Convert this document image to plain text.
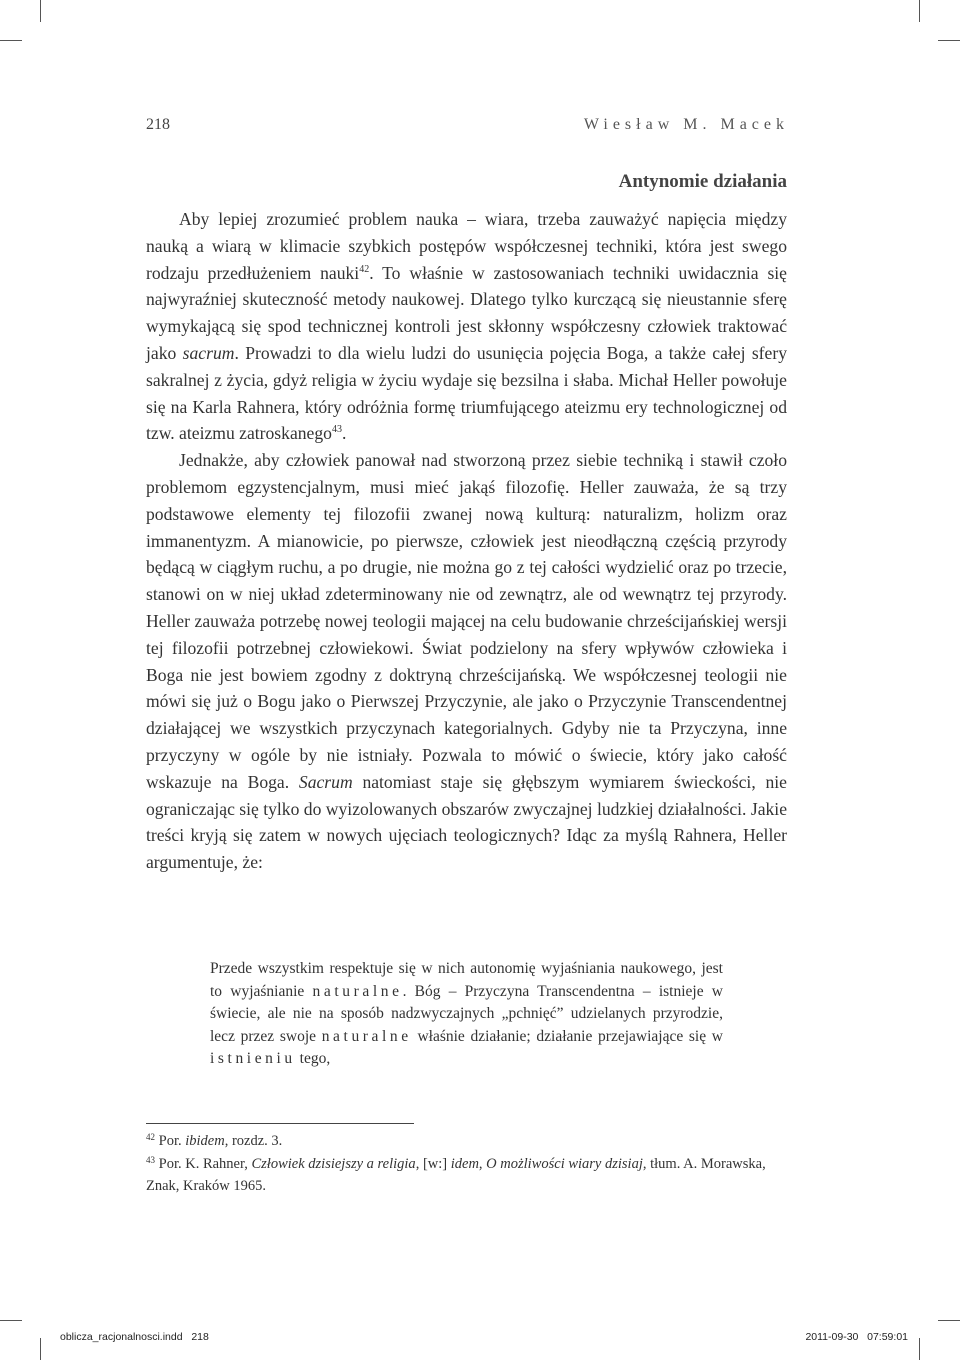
218	Wiesław M. Macek
Antynomie działania

Aby lepiej zrozumieć problem nauka – wiara, trzeba zauważyć napięcia między nauką a wiarą w klimacie szybkich postępów współczesnej techniki, która jest swego rodzaju przedłużeniem nauki$^{42}$. To właśnie w zastosowaniach techniki uwidacznia się najwyraźniej skuteczność metody naukowej. Dlatego tylko kurczącą się nieustannie sferę wymykającą się spod technicznej kontroli jest skłonny współczesny człowiek traktować jako sacrum. Prowadzi to dla wielu ludzi do usunięcia pojęcia Boga, a także całej sfery sakralnej z życia, gdyż religia w życiu wydaje się bezsilna i słaba. Michał Heller powołuje się na Karla Rahnera, który odróżnia formę triumfującego ateizmu ery technologicznej od tzw. ateizmu zatroskanego$^{43}$.

Jednakże, aby człowiek panował nad stworzoną przez siebie techniką i stawił czoło problemom egzystencjalnym, musi mieć jakąś filozofię. Heller zauważa, że są trzy podstawowe elementy tej filozofii zwanej nową kulturą: naturalizm, holizm oraz immanentyzm. A mianowicie, po pierwsze, człowiek jest nieodłączną częścią przyrody będącą w ciągłym ruchu, a po drugie, nie można go z tej całości wydzielić oraz po trzecie, stanowi on w niej układ zdeterminowany nie od zewnątrz, ale od wewnątrz tej przyrody. Heller zauważa potrzebę nowej teologii mającej na celu budowanie chrześcijańskiej wersji tej filozofii potrzebnej człowiekowi. Świat podzielony na sfery wpływów człowieka i Boga nie jest bowiem zgodny z doktryną chrześcijańską. We współczesnej teologii nie mówi się już o Bogu jako o Pierwszej Przyczynie, ale jako o Przyczynie Transcendentnej działającej we wszystkich przyczynach kategorialnych. Gdyby nie ta Przyczyna, inne przyczyny w ogóle by nie istniały. Pozwala to mówić o świecie, który jako całość wskazuje na Boga. Sacrum natomiast staje się głębszym wymiarem świeckości, nie ograniczając się tylko do wyizolowanych obszarów zwyczajnej ludzkiej działalności. Jakie treści kryją się zatem w nowych ujęciach teologicznych? Idąc za myślą Rahnera, Heller argumentuje, że:

Przede wszystkim respektuje się w nich autonomię wyjaśniania naukowego, jest to wyjaśnianie naturalne. Bóg – Przyczyna Transcendentna – istnieje w świecie, ale nie na sposób nadzwyczajnych „pchnięć” udzielanych przyrodzie, lecz przez swoje naturalne właśnie działanie; działanie przejawiające się w istnieniu tego,

$^{42}$ Por. ibidem, rozdz. 3.

$^{43}$ Por. K. Rahner, Człowiek dzisiejszy a religia, [w:] idem, O możliwości wiary dzisiaj, tłum. A. Morawska, Znak, Kraków 1965.

oblicza_racjonalnosci.indd   218	2011-09-30   07:59:01
